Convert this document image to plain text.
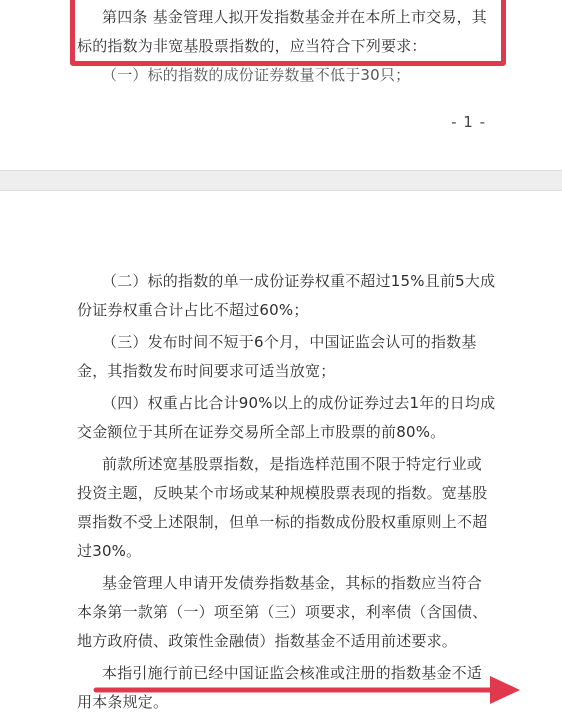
第四条 基金管理人拟开发指数基金并在本所上市交易，其
标的指数为非宽基股票指数的，应当符合下列要求：
（一）标的指数的成份证券数量不低于30只；
- 1 -
（二）标的指数的单一成份证券权重不超过15%且前5大成
份证券权重合计占比不超过60%；
（三）发布时间不短于6个月，中国证监会认可的指数基
金，其指数发布时间要求可适当放宽；
（四）权重占比合计90%以上的成份证券过去1年的日均成
交金额位于其所在证券交易所全部上市股票的前80%。
前款所述宽基股票指数，是指选样范围不限于特定行业或
投资主题，反映某个市场或某种规模股票表现的指数。宽基股
票指数不受上述限制，但单一标的指数成份股权重原则上不超
过30%。
基金管理人申请开发债券指数基金，其标的指数应当符合
本条第一款第（一）项至第（三）项要求，利率债（含国债、
地方政府债、政策性金融债）指数基金不适用前述要求。
本指引施行前已经中国证监会核准或注册的指数基金不适
用本条规定。
